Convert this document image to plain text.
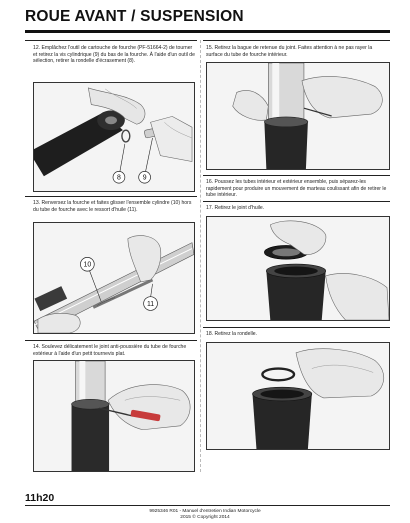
ROUE AVANT / SUSPENSION
12. Emplâchez l'outil de cartouche de fourche (PF-51664-2) de tourner et retirez la vis cylindrique (9) du bas de la fourche. À l'aide d'un outil de sélection, retirer la rondelle d'écrasement (8).
8	9
13. Renversez la fourche et faites glisser l'ensemble cylindre (10) hors du tube de fourche avec le ressort d'huile (11).
10
11
14. Soulevez délicatement le joint anti-poussière du tube de fourche extérieur à l'aide d'un petit tournevis plat.
15. Retirez la bague de retenue du joint. Faites attention à ne pas rayer la surface du tube de fourche intérieur.
16. Poussez les tubes intérieur et extérieur ensemble, puis séparez-les rapidement pour produire un mouvement de marteau coulissant afin de retirer le tube intérieur.
17. Retirez le joint d'huile.
18. Retirez la rondelle.
11h20
9925346 R01 - Manuel d'entretien Indian Motorcycle
2015 © Copyright 2014
